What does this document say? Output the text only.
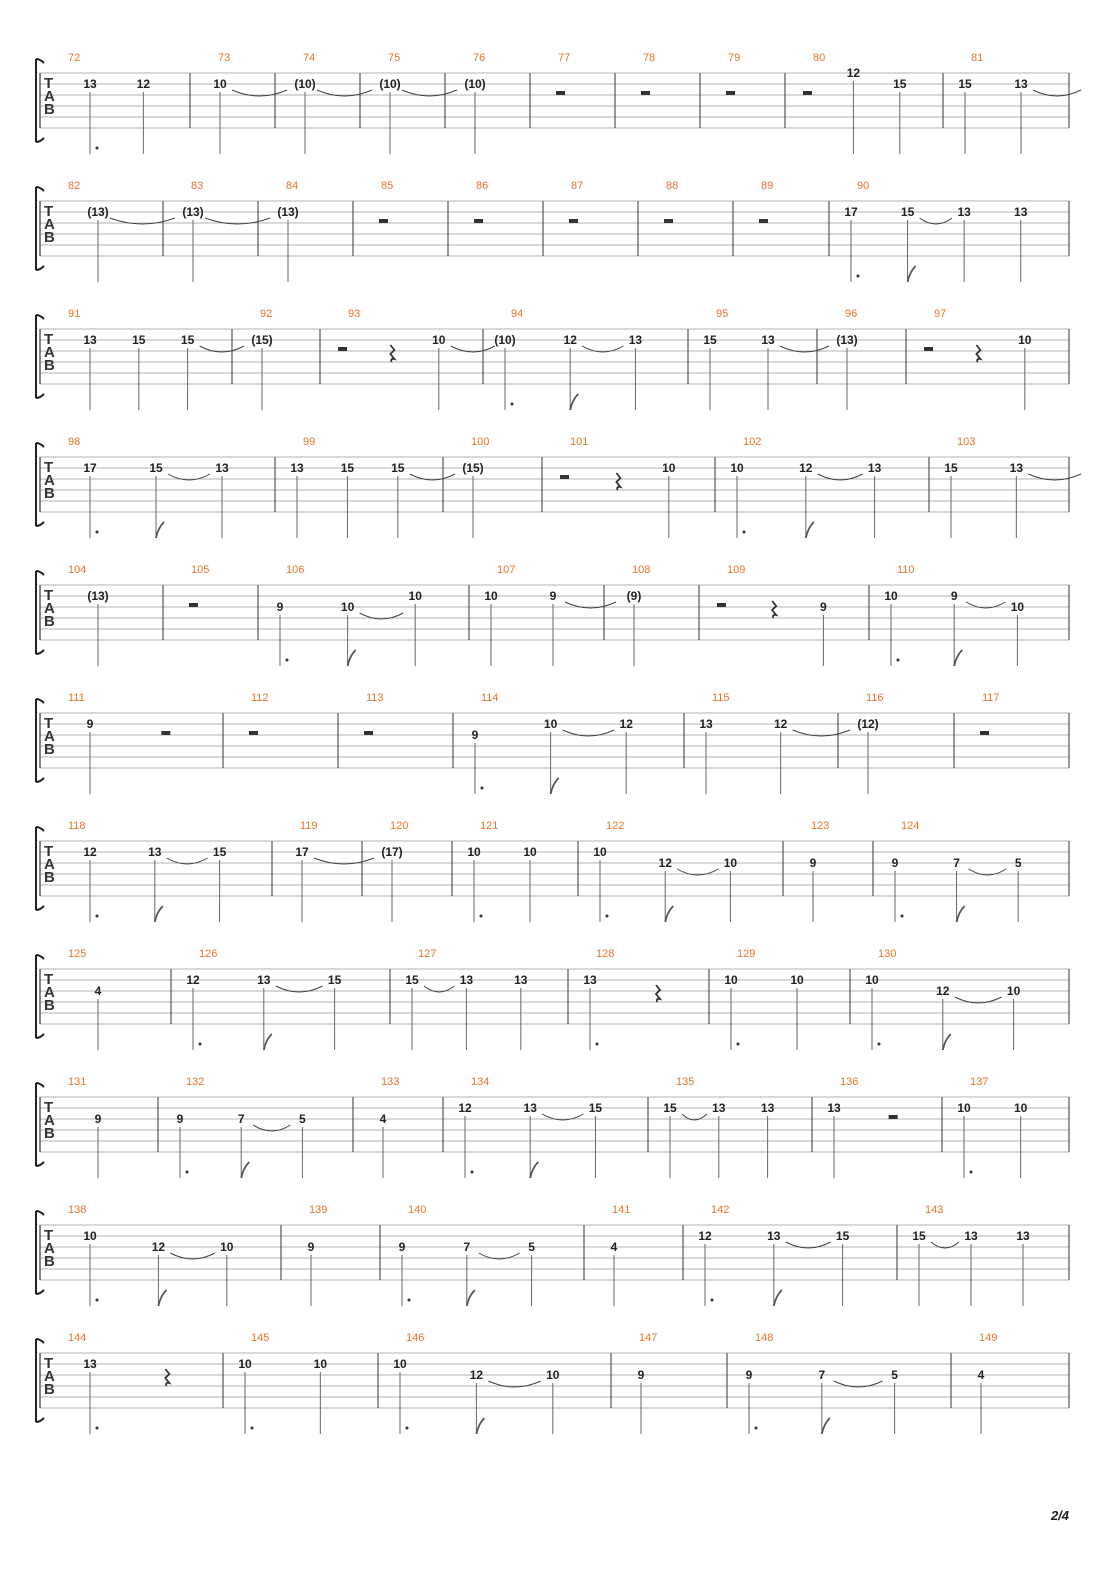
T
A
B
72
13	12
73
10
74
(10)
75
(10)
76
(10)
77	78	79	80
12
15
81
15	13
T
A
B
82
(13)
83
(13)
84
(13)
85	86	87	88	89	90
17	15	13	13
T
A
B
91
13	15	15
92
(15)
93
10
94
(10)	12	13
95
15	13
96
(13)
97
10
T
A
B
98
17	15	13
99
13	15	15
100
(15)
101
10
102
10	12	13
103
15	13
T
A
B
104
(13)
105	106
9	10
10
107
10	9
108
(9)
109
9
110
10	9
10
T
A
B
111
9
112	113	114
9
10	12
115
13	12
116
(12)
117
T
A
B
118
12	13	15
119
17
120
(17)
121
10	10
122
10
12	10
123
9
124
9	7	5
T
A
B
125
4
126
12	13	15
127
15	13	13
128
13
129
10	10
130
10
12	10
T
A
B
131
9
132
9	7	5
133
4
134
12	13	15
135
15	13	13
136
13
137
10	10
T
A
B
138
10
12	10
139
9
140
9	7	5
141
4
142
12	13	15
143
15	13	13
T
A
B
144
13
145
10	10
146
10
12	10
147
9
148
9	7	5
149
4
2/4
